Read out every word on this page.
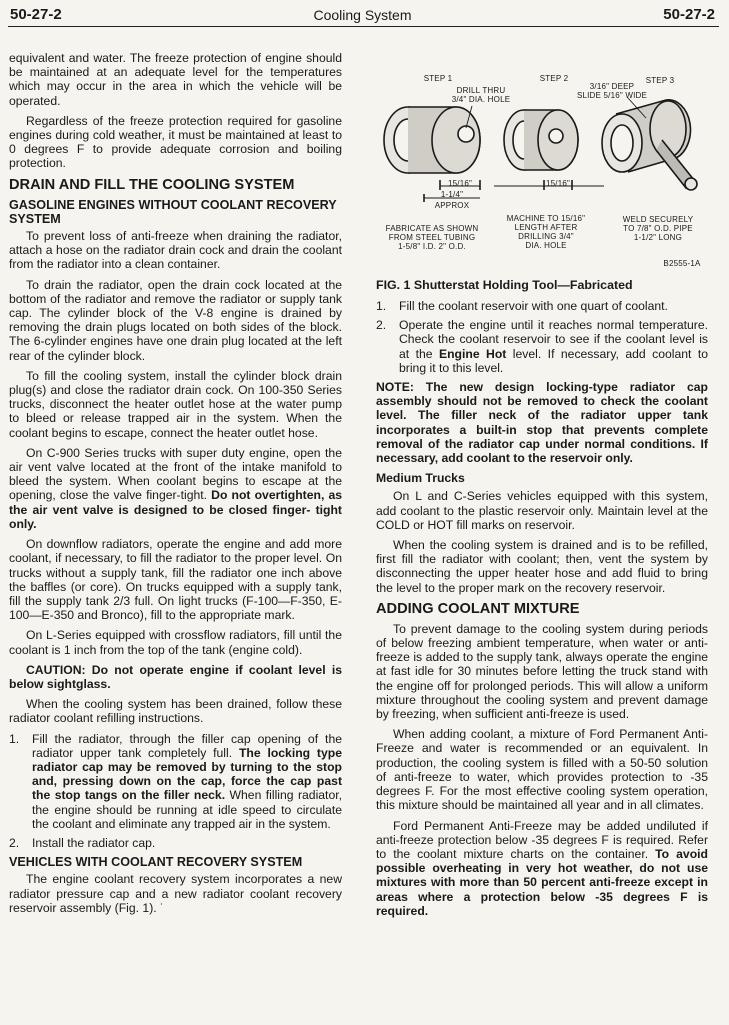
50-27-2	Cooling System	50-27-2

equivalent and water. The freeze protection of engine should be maintained at an adequate level for the temperatures which may occur in the area in which the vehicle will be operated.

Regardless of the freeze protection required for gasoline engines during cold weather, it must be maintained at least to 0 degrees F to provide adequate corrosion and boiling protection.

DRAIN AND FILL THE COOLING SYSTEM
GASOLINE ENGINES WITHOUT COOLANT RECOVERY SYSTEM

To prevent loss of anti-freeze when draining the radiator, attach a hose on the radiator drain cock and drain the coolant from the radiator into a clean container.

To drain the radiator, open the drain cock located at the bottom of the radiator and remove the radiator or supply tank cap. The cylinder block of the V-8 engine is drained by removing the drain plugs located on both sides of the block. The 6-cylinder engines have one drain plug located at the left rear of the cylinder block.

To fill the cooling system, install the cylinder block drain plug(s) and close the radiator drain cock. On 100-350 Series trucks, disconnect the heater outlet hose at the water pump to bleed or release trapped air in the system. When the coolant begins to escape, connect the heater outlet hose.

On C-900 Series trucks with super duty engine, open the air vent valve located at the front of the intake manifold to bleed the system. When coolant begins to escape at the opening, close the valve finger-tight. Do not overtighten, as the air vent valve is designed to be closed finger- tight only.

On downflow radiators, operate the engine and add more coolant, if necessary, to fill the radiator to the proper level. On trucks without a supply tank, fill the radiator one inch above the baffles (or core). On trucks equipped with a supply tank, fill the supply tank 2/3 full. On light trucks (F-100—F-350, E-100—E-350 and Bronco), fill to the appropriate mark.

On L-Series equipped with crossflow radiators, fill until the coolant is 1 inch from the top of the tank (engine cold).

CAUTION: Do not operate engine if coolant level is below sightglass.

When the cooling system has been drained, follow these radiator coolant refilling instructions.

1. Fill the radiator, through the filler cap opening of the radiator upper tank completely full. The locking type radiator cap may be removed by turning to the stop and, pressing down on the cap, force the cap past the stop tangs on the filler neck. When filling radiator, the engine should be running at idle speed to circulate the coolant and eliminate any trapped air in the system.
2. Install the radiator cap.
VEHICLES WITH COOLANT RECOVERY SYSTEM

The engine coolant recovery system incorporates a new radiator pressure cap and a new radiator coolant recovery reservoir assembly (Fig. 1). ˙

STEP 1	STEP 2	STEP 3
DRILL THRU
3/4" DIA. HOLE
3/16" DEEP
SLIDE 5/16" WIDE
15/16"
1-1/4"
APPROX
15/16"
FABRICATE AS SHOWN
FROM STEEL TUBING
1-5/8" I.D. 2" O.D.
MACHINE TO 15/16"
LENGTH AFTER
DRILLING 3/4"
DIA. HOLE
WELD SECURELY
TO 7/8" O.D. PIPE
1-1/2" LONG
B2555-1A
FIG. 1 Shutterstat Holding Tool—Fabricated
1. Fill the coolant reservoir with one quart of coolant.
2. Operate the engine until it reaches normal temperature. Check the coolant reservoir to see if the coolant level is at the Engine Hot level. If necessary, add coolant to bring it to this level.

NOTE: The new design locking-type radiator cap assembly should not be removed to check the coolant level. The filler neck of the radiator upper tank incorporates a built-in stop that prevents complete removal of the radiator cap under normal conditions. If necessary, add coolant to the reservoir only.

Medium Trucks

On L and C-Series vehicles equipped with this system, add coolant to the plastic reservoir only. Maintain level at the COLD or HOT fill marks on reservoir.

When the cooling system is drained and is to be refilled, first fill the radiator with coolant; then, vent the system by disconnecting the upper heater hose and add fluid to bring the level to the proper mark on the recovery reservoir.

ADDING COOLANT MIXTURE

To prevent damage to the cooling system during periods of below freezing ambient temperature, when water or anti-freeze is added to the supply tank, always operate the engine at fast idle for 30 minutes before letting the truck stand with the engine off for prolonged periods. This will allow a uniform mixture throughout the cooling system and prevent damage by freezing, when sufficient anti-freeze is used.

When adding coolant, a mixture of Ford Permanent Anti-Freeze and water is recommended or an equivalent. In production, the cooling system is filled with a 50-50 solution of anti-freeze to water, which provides protection to -35 degrees F. For the most effective cooling system operation, this mixture should be maintained all year and in all climates.

Ford Permanent Anti-Freeze may be added undiluted if anti-freeze protection below -35 degrees F is required. Refer to the coolant mixture charts on the container. To avoid possible overheating in very hot weather, do not use mixtures with more than 50 percent anti-freeze except in areas where a protection below -35 degrees F is required.
